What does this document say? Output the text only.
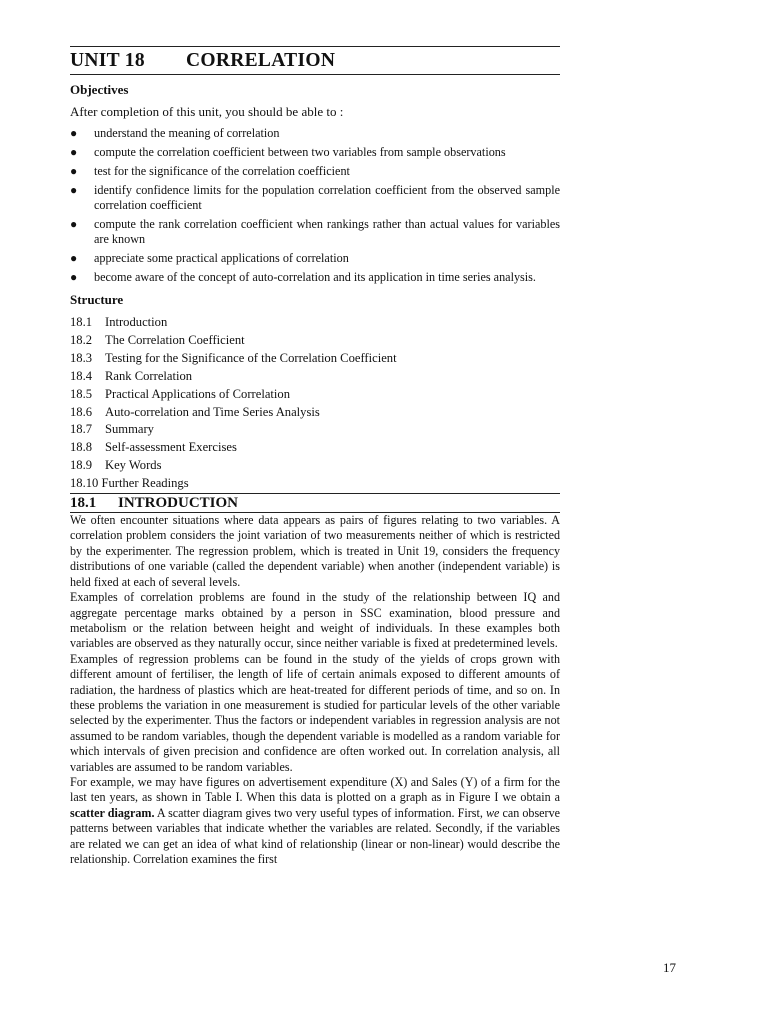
UNIT 18 CORRELATION
Objectives

After completion of this unit, you should be able to :

● understand the meaning of correlation
● compute the correlation coefficient between two variables from sample observations
● test for the significance of the correlation coefficient
● identify confidence limits for the population correlation coefficient from the observed sample correlation coefficient
● compute the rank correlation coefficient when rankings rather than actual values for variables are known
● appreciate some practical applications of correlation
● become aware of the concept of auto-correlation and its application in time series analysis.
Structure
18.1 Introduction
18.2 The Correlation Coefficient
18.3 Testing for the Significance of the Correlation Coefficient
18.4 Rank Correlation
18.5 Practical Applications of Correlation
18.6 Auto-correlation and Time Series Analysis
18.7 Summary
18.8 Self-assessment Exercises
18.9 Key Words
18.10 Further Readings
18.1 INTRODUCTION

We often encounter situations where data appears as pairs of figures relating to two variables. A correlation problem considers the joint variation of two measurements neither of which is restricted by the experimenter. The regression problem, which is treated in Unit 19, considers the frequency distributions of one variable (called the dependent variable) when another (independent variable) is held fixed at each of several levels.

Examples of correlation problems are found in the study of the relationship between IQ and aggregate percentage marks obtained by a person in SSC examination, blood pressure and metabolism or the relation between height and weight of individuals. In these examples both variables are observed as they naturally occur, since neither variable is fixed at predetermined levels.

Examples of regression problems can be found in the study of the yields of crops grown with different amount of fertiliser, the length of life of certain animals exposed to different amounts of radiation, the hardness of plastics which are heat-treated for different periods of time, and so on. In these problems the variation in one measurement is studied for particular levels of the other variable selected by the experimenter. Thus the factors or independent variables in regression analysis are not assumed to be random variables, though the dependent variable is modelled as a random variable for which intervals of given precision and confidence are often worked out. In correlation analysis, all variables are assumed to be random variables.

For example, we may have figures on advertisement expenditure (X) and Sales (Y) of a firm for the last ten years, as shown in Table I. When this data is plotted on a graph as in Figure I we obtain a scatter diagram. A scatter diagram gives two very useful types of information. First, we can observe patterns between variables that indicate whether the variables are related. Secondly, if the variables are related we can get an idea of what kind of relationship (linear or non-linear) would describe the relationship. Correlation examines the first

17
